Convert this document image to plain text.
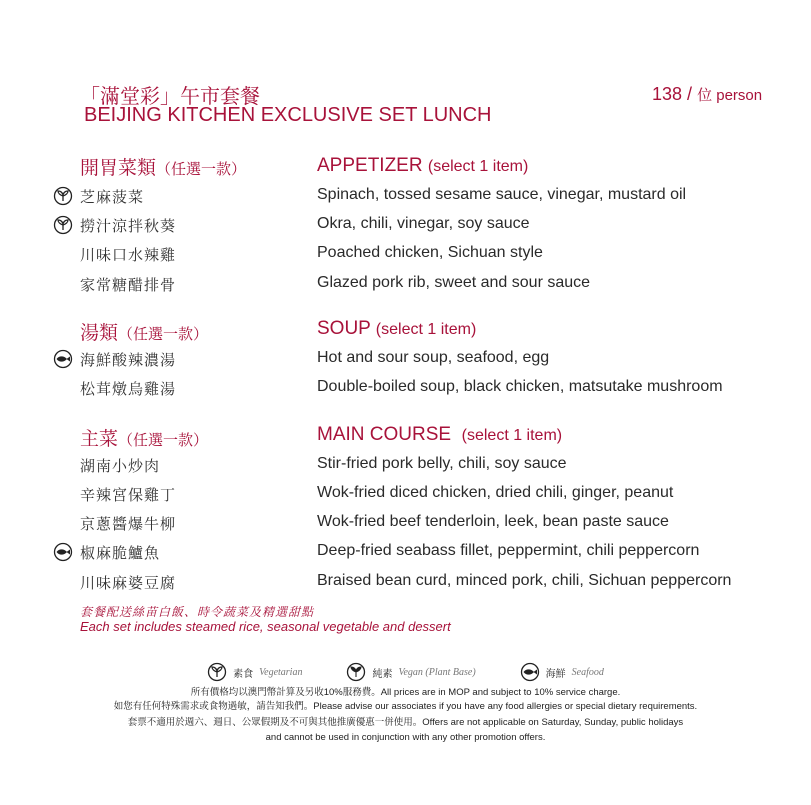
「滿堂彩」午市套餐
BEIJING KITCHEN EXCLUSIVE SET LUNCH
138 / 位 person
開胃菜類（任選一款）	APPETIZER (select 1 item)
芝麻菠菜	Spinach, tossed sesame sauce, vinegar, mustard oil
撈汁涼拌秋葵	Okra, chili, vinegar, soy sauce
川味口水辣雞	Poached chicken, Sichuan style
家常糖醋排骨	Glazed pork rib, sweet and sour sauce
湯類（任選一款）	SOUP (select 1 item)
海鮮酸辣濃湯	Hot and sour soup, seafood, egg
松茸燉烏雞湯	Double-boiled soup, black chicken, matsutake mushroom
主菜（任選一款）	MAIN COURSE (select 1 item)
湖南小炒肉	Stir-fried pork belly, chili, soy sauce
辛辣宮保雞丁	Wok-fried diced chicken, dried chili, ginger, peanut
京蔥醬爆牛柳	Wok-fried beef tenderloin, leek, bean paste sauce
椒麻脆鱸魚	Deep-fried seabass fillet, peppermint, chili peppercorn
川味麻婆豆腐	Braised bean curd, minced pork, chili, Sichuan peppercorn
套餐配送絲苗白飯、時令蔬菜及精選甜點
Each set includes steamed rice, seasonal vegetable and dessert
素食 Vegetarian	純素 Vegan (Plant Base)	海鮮 Seafood
所有價格均以澳門幣計算及另收10%服務費。All prices are in MOP and subject to 10% service charge.
如您有任何特殊需求或食物過敏，請告知我們。Please advise our associates if you have any food allergies or special dietary requirements.
套票不適用於週六、週日、公眾假期及不可與其他推廣優惠一併使用。Offers are not applicable on Saturday, Sunday, public holidays
and cannot be used in conjunction with any other promotion offers.
